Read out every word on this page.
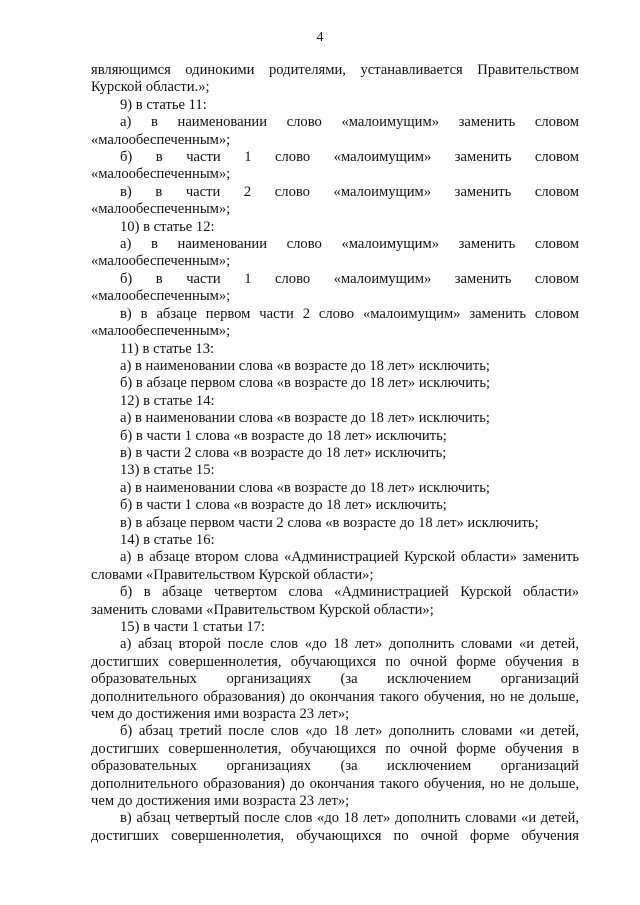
4

являющимся одинокими родителями, устанавливается Правительством Курской области.»;

9) в статье 11:

а) в наименовании слово «малоимущим» заменить словом «малообеспеченным»;

б) в части 1 слово «малоимущим» заменить словом «малообеспеченным»;

в) в части 2 слово «малоимущим» заменить словом «малообеспеченным»;

10) в статье 12:

а) в наименовании слово «малоимущим» заменить словом «малообеспеченным»;

б) в части 1 слово «малоимущим» заменить словом «малообеспеченным»;

в) в абзаце первом части 2 слово «малоимущим» заменить словом «малообеспеченным»;

11) в статье 13:

а) в наименовании слова «в возрасте до 18 лет» исключить;

б) в абзаце первом слова «в возрасте до 18 лет» исключить;

12) в статье 14:

а) в наименовании слова «в возрасте до 18 лет» исключить;

б) в части 1 слова «в возрасте до 18 лет» исключить;

в) в части 2 слова «в возрасте до 18 лет» исключить;

13) в статье 15:

а) в наименовании слова «в возрасте до 18 лет» исключить;

б) в части 1 слова «в возрасте до 18 лет» исключить;

в) в абзаце первом части 2 слова «в возрасте до 18 лет» исключить;

14) в статье 16:

а) в абзаце втором слова «Администрацией Курской области» заменить словами «Правительством Курской области»;

б) в абзаце четвертом слова «Администрацией Курской области» заменить словами «Правительством Курской области»;

15) в части 1 статьи 17:

а) абзац второй после слов «до 18 лет» дополнить словами «и детей, достигших совершеннолетия, обучающихся по очной форме обучения в образовательных организациях (за исключением организаций дополнительного образования) до окончания такого обучения, но не дольше, чем до достижения ими возраста 23 лет»;

б) абзац третий после слов «до 18 лет» дополнить словами «и детей, достигших совершеннолетия, обучающихся по очной форме обучения в образовательных организациях (за исключением организаций дополнительного образования) до окончания такого обучения, но не дольше, чем до достижения ими возраста 23 лет»;

в) абзац четвертый после слов «до 18 лет» дополнить словами «и детей, достигших совершеннолетия, обучающихся по очной форме обучения
